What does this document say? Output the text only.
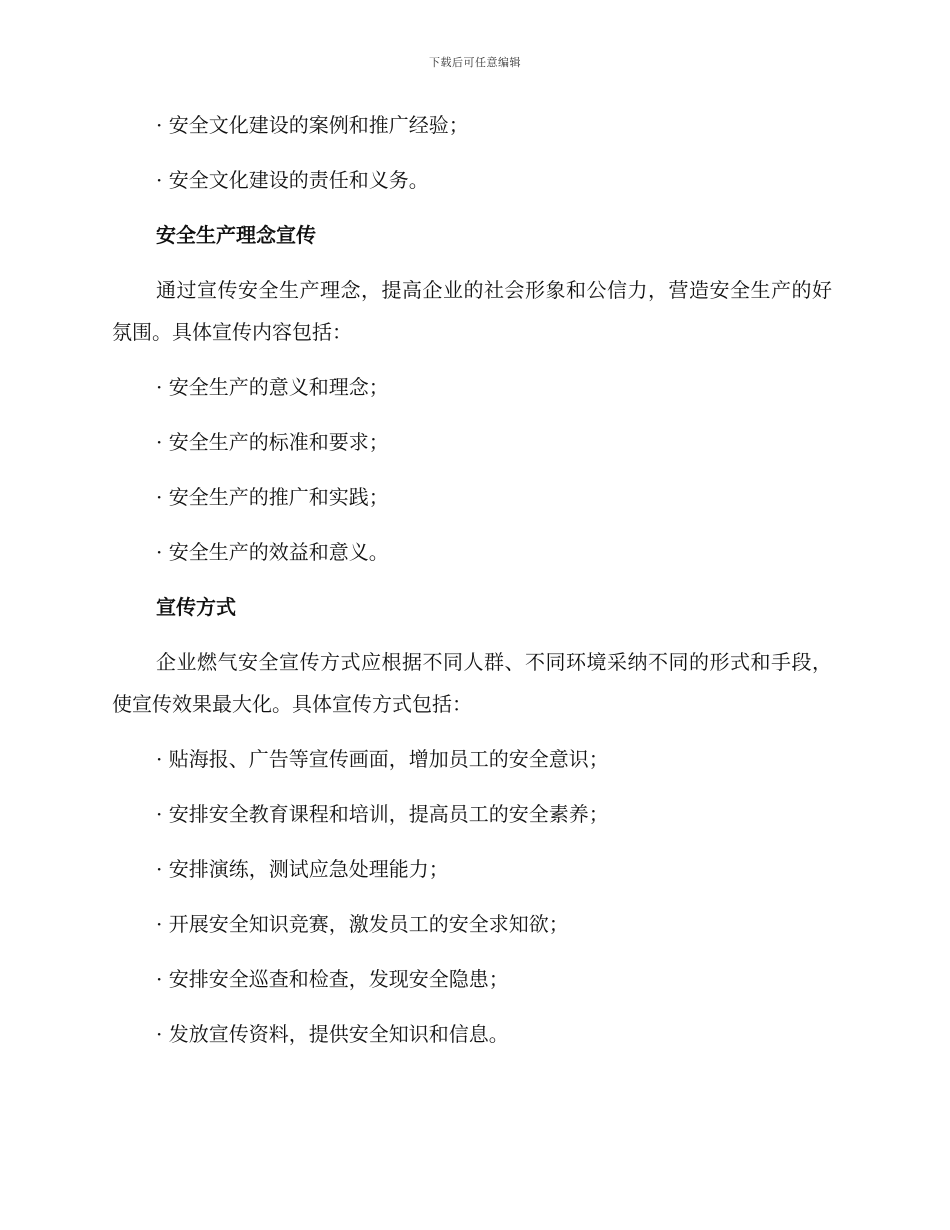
下载后可任意编辑
· 安全文化建设的案例和推广经验；
· 安全文化建设的责任和义务。
安全生产理念宣传
通过宣传安全生产理念，提高企业的社会形象和公信力，营造安全生产的好氛围。具体宣传内容包括：
· 安全生产的意义和理念；
· 安全生产的标准和要求；
· 安全生产的推广和实践；
· 安全生产的效益和意义。
宣传方式
企业燃气安全宣传方式应根据不同人群、不同环境采纳不同的形式和手段，使宣传效果最大化。具体宣传方式包括：
· 贴海报、广告等宣传画面，增加员工的安全意识；
· 安排安全教育课程和培训，提高员工的安全素养；
· 安排演练，测试应急处理能力；
· 开展安全知识竞赛，激发员工的安全求知欲；
· 安排安全巡查和检查，发现安全隐患；
· 发放宣传资料，提供安全知识和信息。
